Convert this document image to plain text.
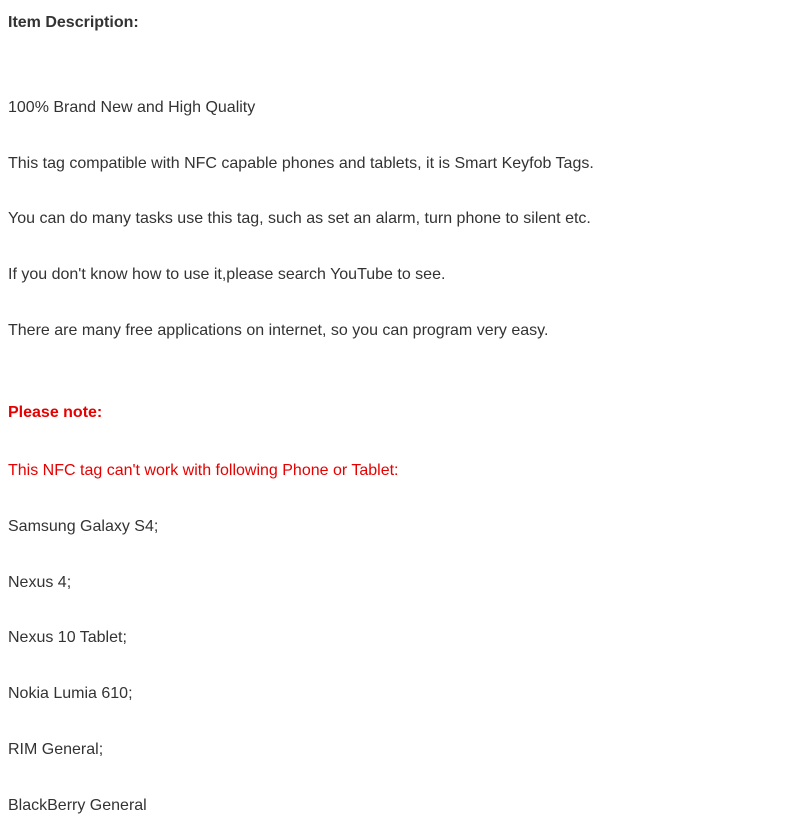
Item Description:
100% Brand New and High Quality
This tag compatible with NFC capable phones and tablets, it is Smart Keyfob Tags.
You can do many tasks use this tag, such as set an alarm, turn phone to silent etc.
If you don't know how to use it,please search YouTube to see.
There are many free applications on internet, so you can program very easy.
Please note:
This NFC tag can't work with following Phone or Tablet:
Samsung Galaxy S4;
Nexus 4;
Nexus 10 Tablet;
Nokia Lumia 610;
RIM General;
BlackBerry General
